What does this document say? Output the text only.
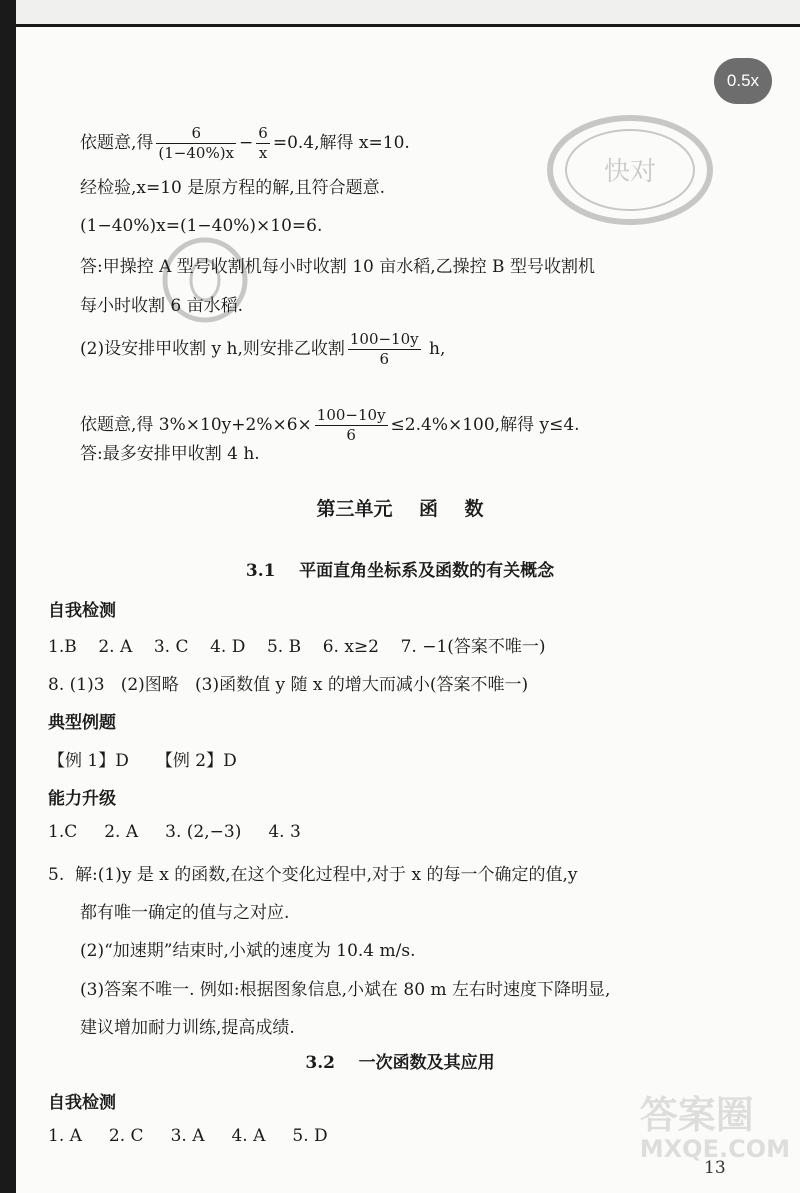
0.5x
快对
依题意,得 $\frac{6}{(1-40\%)x} - \frac{6}{x} =0.4$,解得 x=10.
经检验,x=10 是原方程的解,且符合题意.
(1−40%)x=(1−40%)×10=6.
答:甲操控 A 型号收割机每小时收割 10 亩水稻,乙操控 B 型号收割机
每小时收割 6 亩水稻.
(2)设安排甲收割 y h,则安排乙收割 $\frac{100-10y}{6} h$,
依题意,得 $3\%\times 10y+2\%\times 6\times \frac{100-10y}{6} \le 2.4\%\times 100$,解得 y≤4.
答:最多安排甲收割 4 h.
第三单元    函    数
3.1    平面直角坐标系及函数的有关概念
自我检测
1.B    2. A    3. C    4. D    5. B    6. x≥2    7. −1(答案不唯一)
8. (1)3   (2)图略   (3)函数值 y 随 x 的增大而减小(答案不唯一)
典型例题
【例 1】D     【例 2】D
能力升级
1.C     2. A     3. (2,−3)     4. 3
5.  解:(1)y 是 x 的函数,在这个变化过程中,对于 x 的每一个确定的值,y
都有唯一确定的值与之对应.
(2)“加速期”结束时,小斌的速度为 10.4 m/s.
(3)答案不唯一. 例如:根据图象信息,小斌在 80 m 左右时速度下降明显,
建议增加耐力训练,提高成绩.
3.2    一次函数及其应用
自我检测
1. A     2. C     3. A     4. A     5. D	答案圈
MXQE.COM
13
